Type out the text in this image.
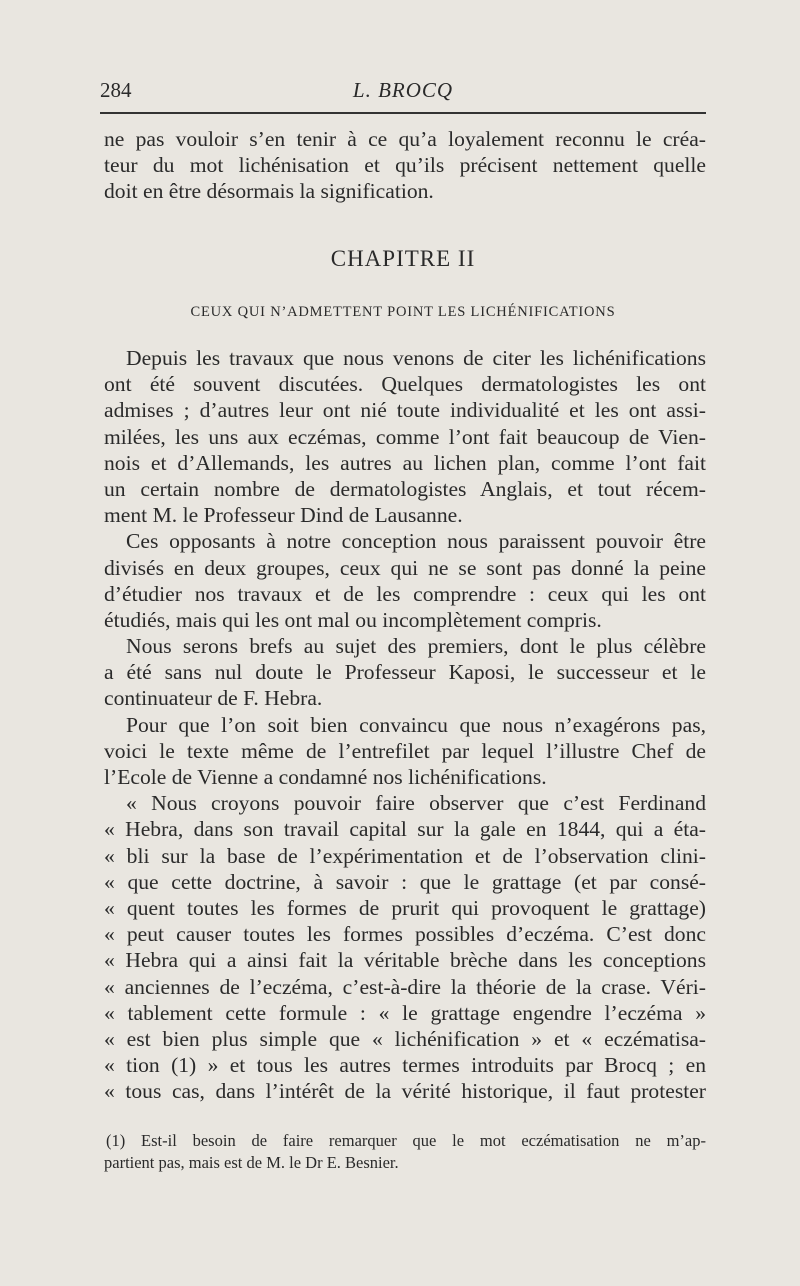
284	L. BROCQ
ne pas vouloir s’en tenir à ce qu’a loyalement reconnu le créa-
teur du mot lichénisation et qu’ils précisent nettement quelle
doit en être désormais la signification.
CHAPITRE II
CEUX QUI N’ADMETTENT POINT LES LICHÉNIFICATIONS
Depuis les travaux que nous venons de citer les lichénifications
ont été souvent discutées. Quelques dermatologistes les ont
admises ; d’autres leur ont nié toute individualité et les ont assi-
milées, les uns aux eczémas, comme l’ont fait beaucoup de Vien-
nois et d’Allemands, les autres au lichen plan, comme l’ont fait
un certain nombre de dermatologistes Anglais, et tout récem-
ment M. le Professeur Dind de Lausanne.
Ces opposants à notre conception nous paraissent pouvoir être
divisés en deux groupes, ceux qui ne se sont pas donné la peine
d’étudier nos travaux et de les comprendre : ceux qui les ont
étudiés, mais qui les ont mal ou incomplètement compris.
Nous serons brefs au sujet des premiers, dont le plus célèbre
a été sans nul doute le Professeur Kaposi, le successeur et le
continuateur de F. Hebra.
Pour que l’on soit bien convaincu que nous n’exagérons pas,
voici le texte même de l’entrefilet par lequel l’illustre Chef de
l’Ecole de Vienne a condamné nos lichénifications.
« Nous croyons pouvoir faire observer que c’est Ferdinand
« Hebra, dans son travail capital sur la gale en 1844, qui a éta-
« bli sur la base de l’expérimentation et de l’observation clini-
« que cette doctrine, à savoir : que le grattage (et par consé-
« quent toutes les formes de prurit qui provoquent le grattage)
« peut causer toutes les formes possibles d’eczéma. C’est donc
« Hebra qui a ainsi fait la véritable brèche dans les conceptions
« anciennes de l’eczéma, c’est-à-dire la théorie de la crase. Véri-
« tablement cette formule : « le grattage engendre l’eczéma »
« est bien plus simple que « lichénification » et « eczématisa-
« tion (1) » et tous les autres termes introduits par Brocq ; en
« tous cas, dans l’intérêt de la vérité historique, il faut protester
(1) Est-il besoin de faire remarquer que le mot eczématisation ne m’ap-
partient pas, mais est de M. le Dr E. Besnier.
